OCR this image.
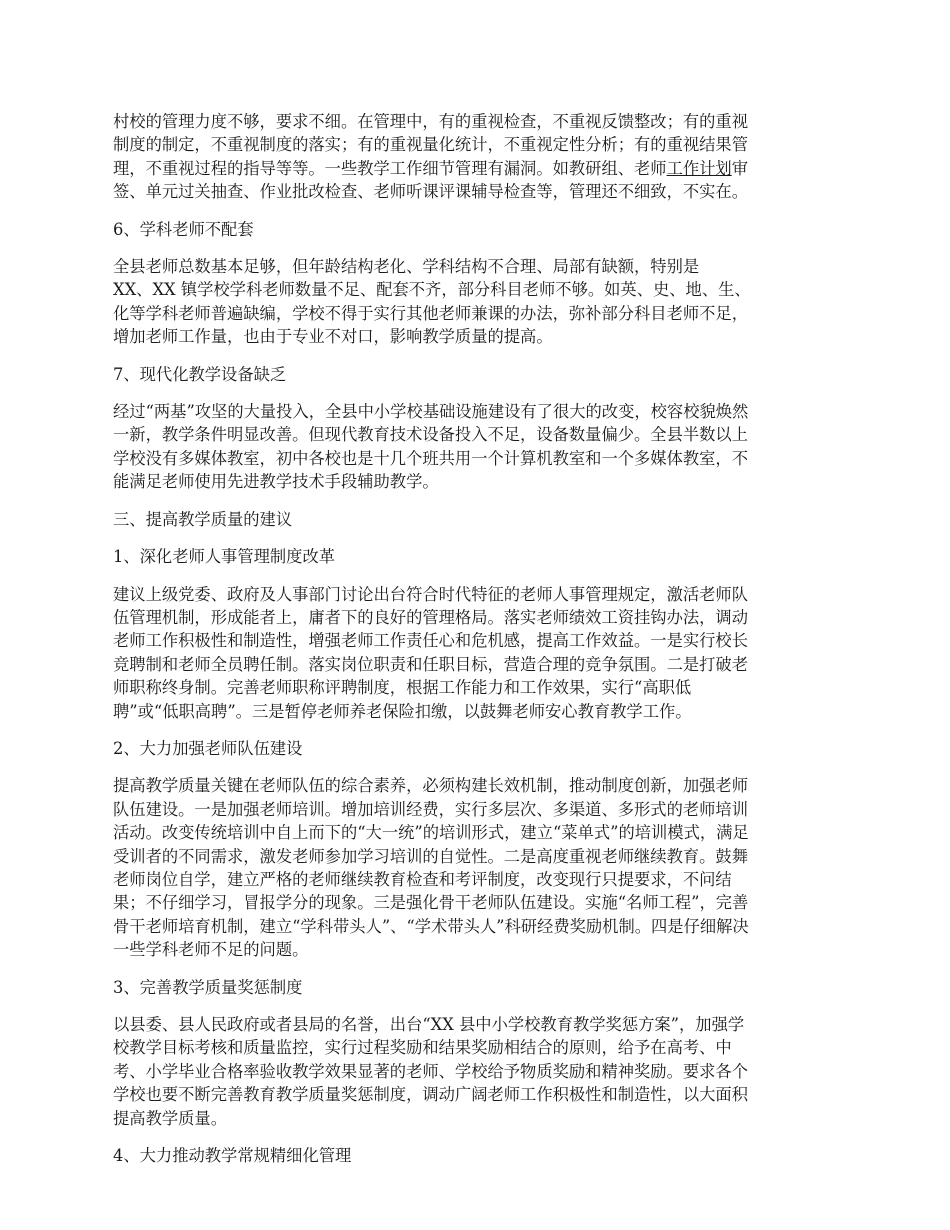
村校的管理力度不够，要求不细。在管理中，有的重视检查，不重视反馈整改；有的重视
制度的制定，不重视制度的落实；有的重视量化统计，不重视定性分析；有的重视结果管
理，不重视过程的指导等等。一些教学工作细节管理有漏洞。如教研组、老师工作计划审
签、单元过关抽查、作业批改检查、老师听课评课辅导检查等，管理还不细致，不实在。

6、学科老师不配套

全县老师总数基本足够，但年龄结构老化、学科结构不合理、局部有缺额，特别是
XX、XX 镇学校学科老师数量不足、配套不齐，部分科目老师不够。如英、史、地、生、
化等学科老师普遍缺编，学校不得于实行其他老师兼课的办法，弥补部分科目老师不足，
增加老师工作量，也由于专业不对口，影响教学质量的提高。

7、现代化教学设备缺乏

经过“两基”攻坚的大量投入，全县中小学校基础设施建设有了很大的改变，校容校貌焕然
一新，教学条件明显改善。但现代教育技术设备投入不足，设备数量偏少。全县半数以上
学校没有多媒体教室，初中各校也是十几个班共用一个计算机教室和一个多媒体教室，不
能满足老师使用先进教学技术手段辅助教学。

三、提高教学质量的建议

1、深化老师人事管理制度改革

建议上级党委、政府及人事部门讨论出台符合时代特征的老师人事管理规定，激活老师队
伍管理机制，形成能者上，庸者下的良好的管理格局。落实老师绩效工资挂钩办法，调动
老师工作积极性和制造性，增强老师工作责任心和危机感，提高工作效益。一是实行校长
竞聘制和老师全员聘任制。落实岗位职责和任职目标，营造合理的竞争氛围。二是打破老
师职称终身制。完善老师职称评聘制度，根据工作能力和工作效果，实行“高职低
聘”或“低职高聘”。三是暂停老师养老保险扣缴，以鼓舞老师安心教育教学工作。

2、大力加强老师队伍建设

提高教学质量关键在老师队伍的综合素养，必须构建长效机制，推动制度创新，加强老师
队伍建设。一是加强老师培训。增加培训经费，实行多层次、多渠道、多形式的老师培训
活动。改变传统培训中自上而下的“大一统”的培训形式，建立“菜单式”的培训模式，满足
受训者的不同需求，激发老师参加学习培训的自觉性。二是高度重视老师继续教育。鼓舞
老师岗位自学，建立严格的老师继续教育检查和考评制度，改变现行只提要求，不问结
果；不仔细学习，冒报学分的现象。三是强化骨干老师队伍建设。实施“名师工程”，完善
骨干老师培育机制，建立“学科带头人”、“学术带头人”科研经费奖励机制。四是仔细解决
一些学科老师不足的问题。

3、完善教学质量奖惩制度

以县委、县人民政府或者县局的名誉，出台“XX 县中小学校教育教学奖惩方案”，加强学
校教学目标考核和质量监控，实行过程奖励和结果奖励相结合的原则，给予在高考、中
考、小学毕业合格率验收教学效果显著的老师、学校给予物质奖励和精神奖励。要求各个
学校也要不断完善教育教学质量奖惩制度，调动广阔老师工作积极性和制造性，以大面积
提高教学质量。

4、大力推动教学常规精细化管理
